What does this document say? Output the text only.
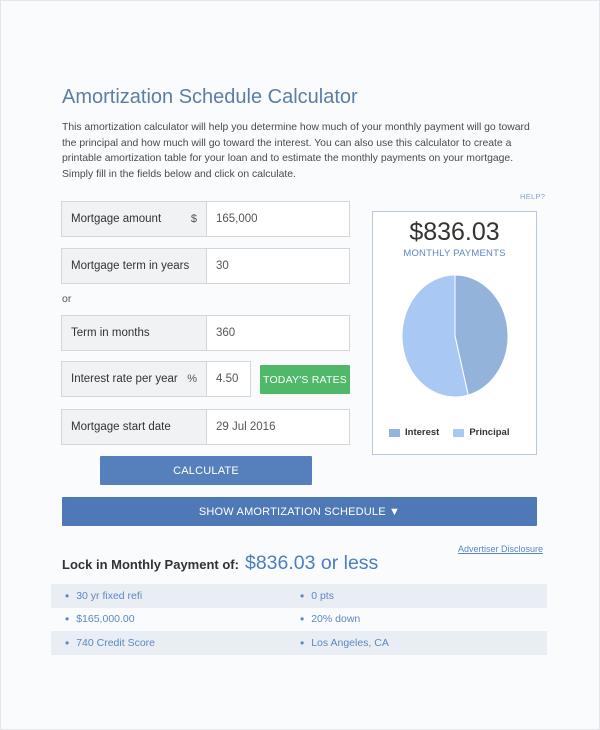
Amortization Schedule Calculator

This amortization calculator will help you determine how much of your monthly payment will go toward the principal and how much will go toward the interest. You can also use this calculator to create a printable amortization table for your loan and to estimate the monthly payments on your mortgage. Simply fill in the fields below and click on calculate.

HELP?
Mortgage amount	$	165,000
Mortgage term in years	30
or
Term in months	360
Interest rate per year %	4.50	TODAY'S RATES
Mortgage start date	29 Jul 2016
CALCULATE
SHOW AMORTIZATION SCHEDULE ▼
$836.03
MONTHLY PAYMENTS
Interest	Principal
Advertiser Disclosure
Lock in Monthly Payment of: $836.03 or less
• 30 yr fixed refi	• 0 pts
• $165,000.00	• 20% down
• 740 Credit Score	• Los Angeles, CA
